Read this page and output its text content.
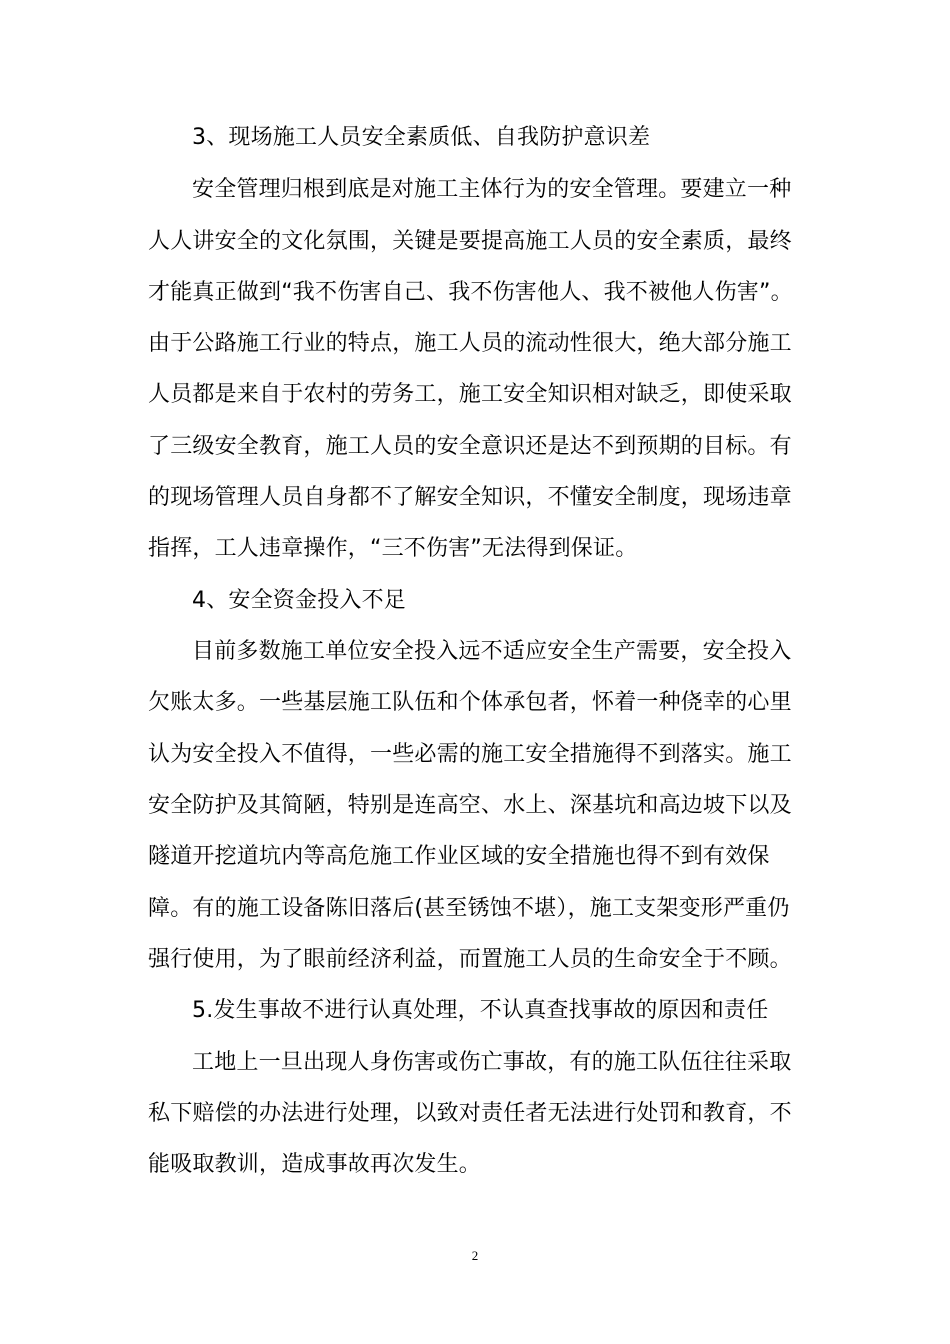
3、现场施工人员安全素质低、自我防护意识差
安全管理归根到底是对施工主体行为的安全管理。要建立一种
人人讲安全的文化氛围，关键是要提高施工人员的安全素质，最终
才能真正做到“我不伤害自己、我不伤害他人、我不被他人伤害”。
由于公路施工行业的特点，施工人员的流动性很大，绝大部分施工
人员都是来自于农村的劳务工，施工安全知识相对缺乏，即使采取
了三级安全教育，施工人员的安全意识还是达不到预期的目标。有
的现场管理人员自身都不了解安全知识，不懂安全制度，现场违章
指挥，工人违章操作，“三不伤害”无法得到保证。
4、安全资金投入不足
目前多数施工单位安全投入远不适应安全生产需要，安全投入
欠账太多。一些基层施工队伍和个体承包者，怀着一种侥幸的心里
认为安全投入不值得，一些必需的施工安全措施得不到落实。施工
安全防护及其简陋，特别是连高空、水上、深基坑和高边坡下以及
隧道开挖道坑内等高危施工作业区域的安全措施也得不到有效保
障。有的施工设备陈旧落后(甚至锈蚀不堪），施工支架变形严重仍
强行使用，为了眼前经济利益，而置施工人员的生命安全于不顾。
5.发生事故不进行认真处理，不认真查找事故的原因和责任
工地上一旦出现人身伤害或伤亡事故，有的施工队伍往往采取
私下赔偿的办法进行处理，以致对责任者无法进行处罚和教育，不
能吸取教训，造成事故再次发生。
2
